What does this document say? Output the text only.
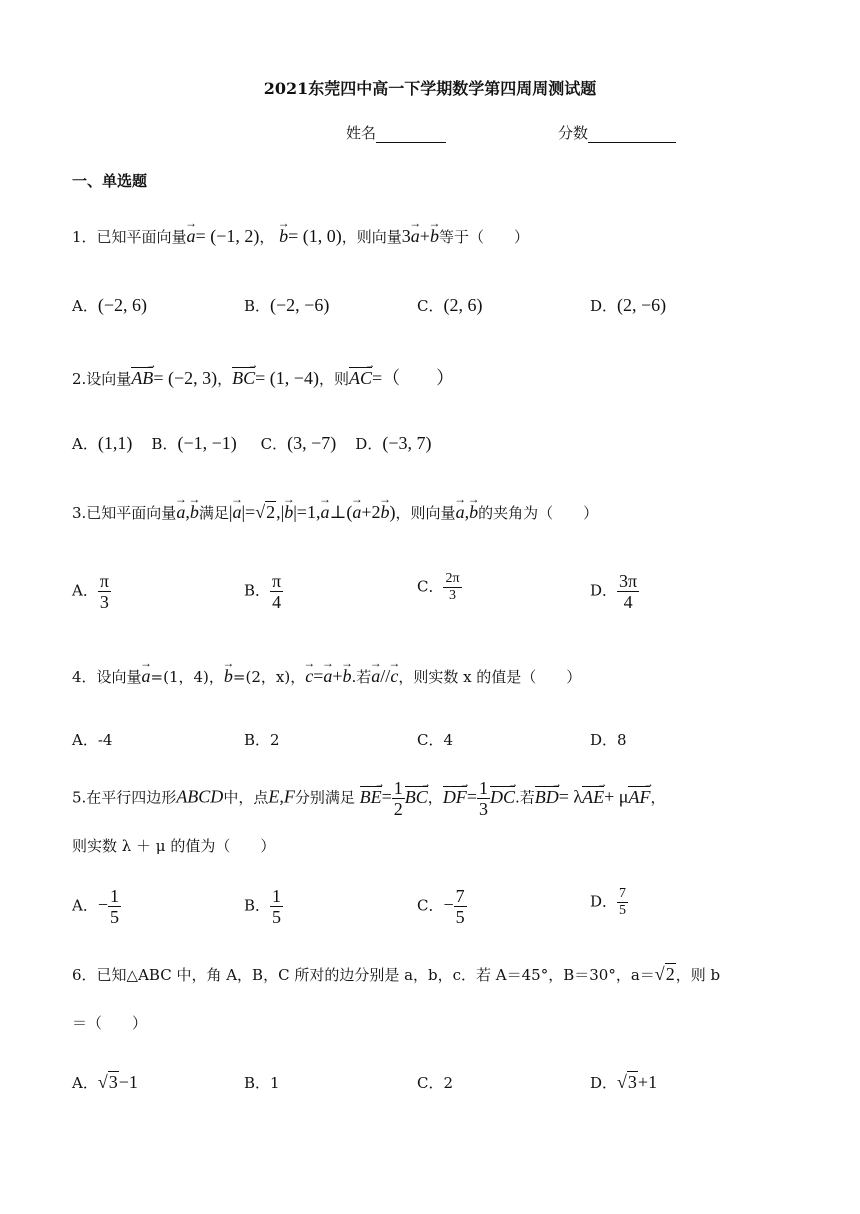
2021东莞四中高一下学期数学第四周周测试题
姓名	分数
一、单选题
1．已知平面向量→ a= (−1, 2)， → b= (1, 0)，则向量3→ a+→ b等于（　　）
A．(−2, 6)	B．(−2, −6)	C．(2, 6)	D．(2, −6)
2.设向量AB →= (−2, 3)，BC →= (1, −4)，则AC →=（　　）
A．(1,1) B．(−1, −1) C．(3, −7) D．(−3, 7)
3.已知平面向量→ a,→ b满足|→ a|=√2,|→ b|=1,→ a⊥(→ a+2→ b)，则向量→ a,→ b的夹角为（　　）
A． $\frac{\pi}{3}$	B． $\frac{\pi}{4}$	C． $\frac{2\pi}{3}$	D． $\frac{3\pi}{4}$
4．设向量→ a=(1，4)，→ b=(2，x)，→ c=→ a+→ b.若→ a//→ c，则实数 x 的值是（　　）
A．-4	B．2	C．4	D．8
5.在平行四边形ABCD中，点E,F分别满足 BE →= $\frac{1}{2}$ BC →，DF →= $\frac{1}{3}$ DC →.若BD →= λAE →+ μAF →，
则实数 λ ＋ μ 的值为（　　）
A．− $\frac{1}{5}$	B． $\frac{1}{5}$	C．− $\frac{7}{5}$	D． $\frac{7}{5}$
6．已知△ABC 中，角 A，B，C 所对的边分别是 a，b，c．若 A＝45°，B＝30°，a＝√2，则 b
＝（　　）
A．√3−1	B．1	C．2	D．√3+1
